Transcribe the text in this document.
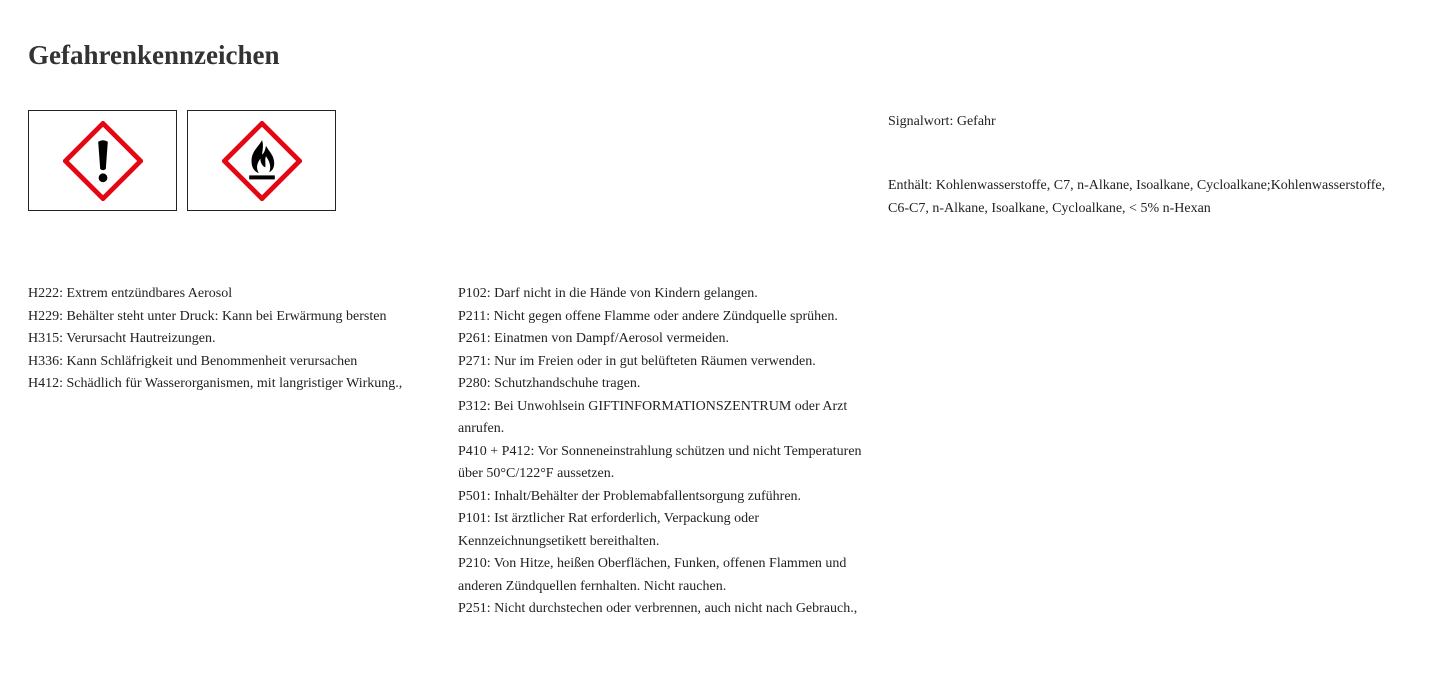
Gefahrenkennzeichen
Signalwort: Gefahr
Enthält: Kohlenwasserstoffe, C7, n-Alkane, Isoalkane, Cycloalkane;Kohlenwasserstoffe, C6-C7, n-Alkane, Isoalkane, Cycloalkane, < 5% n-Hexan
H222: Extrem entzündbares Aerosol
H229: Behälter steht unter Druck: Kann bei Erwärmung bersten
H315: Verursacht Hautreizungen.
H336: Kann Schläfrigkeit und Benommenheit verursachen
H412: Schädlich für Wasserorganismen, mit langristiger Wirkung.,
P102: Darf nicht in die Hände von Kindern gelangen.
P211: Nicht gegen offene Flamme oder andere Zündquelle sprühen.
P261: Einatmen von Dampf/Aerosol vermeiden.
P271: Nur im Freien oder in gut belüfteten Räumen verwenden.
P280: Schutzhandschuhe tragen.
P312: Bei Unwohlsein GIFTINFORMATIONSZENTRUM oder Arzt anrufen.
P410 + P412: Vor Sonneneinstrahlung schützen und nicht Temperaturen über 50°C/122°F aussetzen.
P501: Inhalt/Behälter der Problemabfallentsorgung zuführen.
P101: Ist ärztlicher Rat erforderlich, Verpackung oder Kennzeichnungsetikett bereithalten.
P210: Von Hitze, heißen Oberflächen, Funken, offenen Flammen und anderen Zündquellen fernhalten. Nicht rauchen.
P251: Nicht durchstechen oder verbrennen, auch nicht nach Gebrauch.,
